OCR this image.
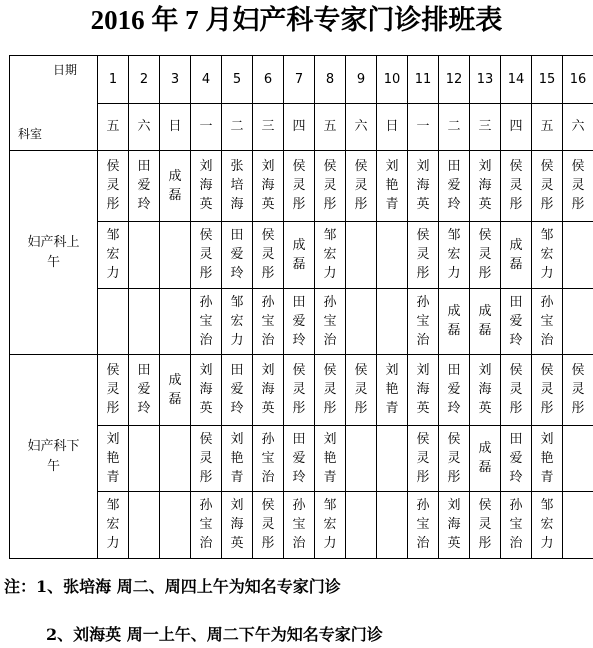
2016 年 7 月妇产科专家门诊排班表
日期
科室	1	2	3	4	5	6	7	8	9	10	11	12	13	14	15	16
	五	六	日	一	二	三	四	五	六	日	一	二	三	四	五	六
妇产科上午	侯灵彤	田爱玲	成磊	刘海英	张培海	刘海英	侯灵彤	侯灵彤	侯灵彤	刘艳青	刘海英	田爱玲	刘海英	侯灵彤	侯灵彤	侯灵彤
	邹宏力			侯灵彤	田爱玲	侯灵彤	成磊	邹宏力			侯灵彤	邹宏力	侯灵彤	成磊	邹宏力	
				孙宝治	邹宏力	孙宝治	田爱玲	孙宝治			孙宝治	成磊	成磊	田爱玲	孙宝治	
妇产科下午	侯灵彤	田爱玲	成磊	刘海英	田爱玲	刘海英	侯灵彤	侯灵彤	侯灵彤	刘艳青	刘海英	田爱玲	刘海英	侯灵彤	侯灵彤	侯灵彤
	刘艳青			侯灵彤	刘艳青	孙宝治	田爱玲	刘艳青			侯灵彤	侯灵彤	成磊	田爱玲	刘艳青	
	邹宏力			孙宝治	刘海英	侯灵彤	孙宝治	邹宏力			孙宝治	刘海英	侯灵彤	孙宝治	邹宏力	
注：1、张培海 周二、周四上午为知名专家门诊
2、刘海英 周一上午、周二下午为知名专家门诊
